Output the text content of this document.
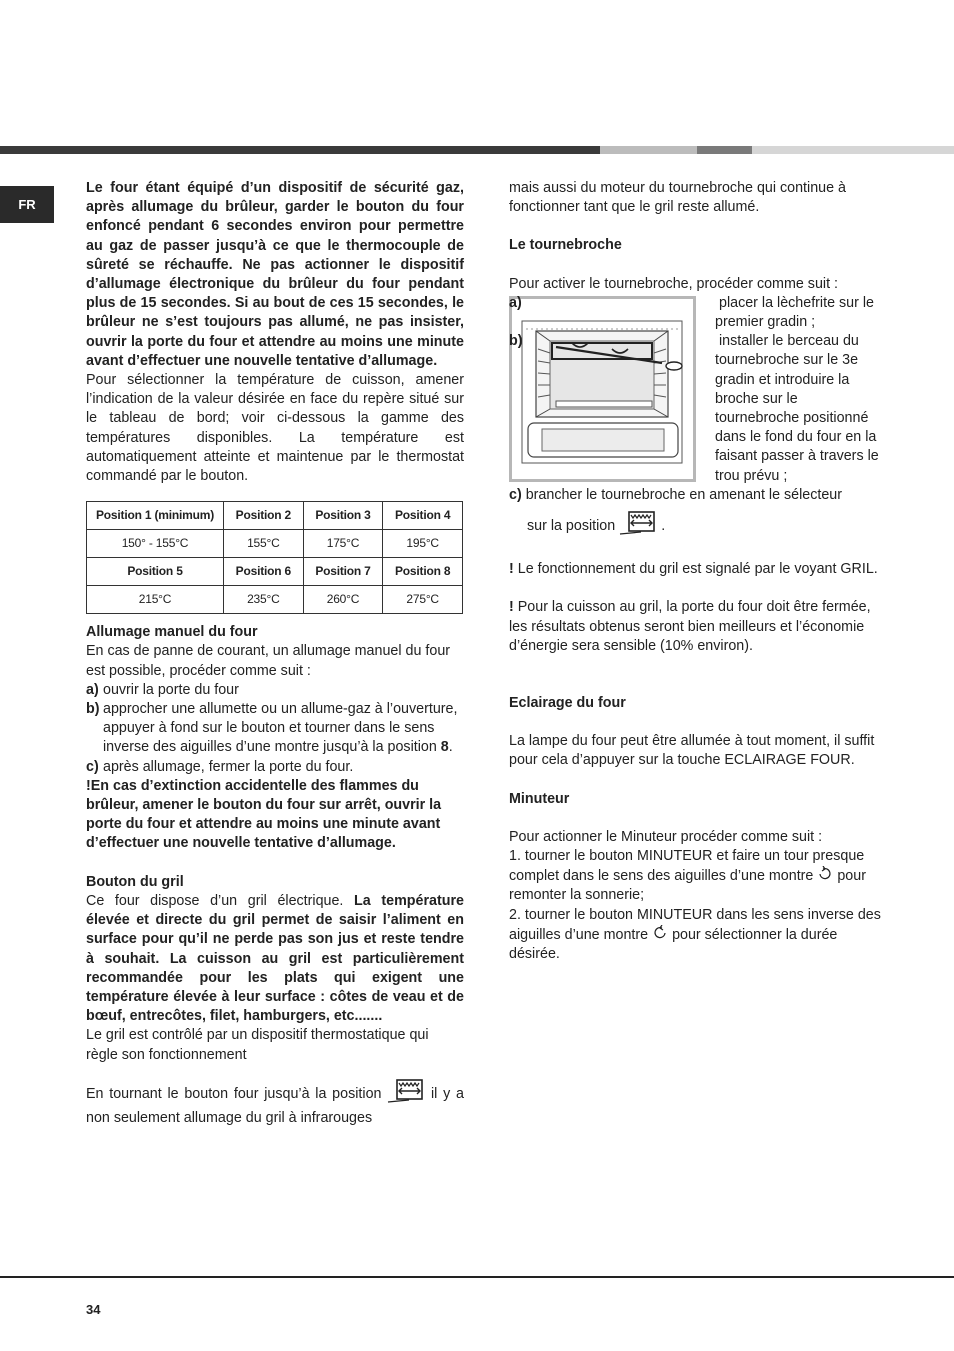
FR

Le four étant équipé d’un dispositif de sécurité gaz, après allumage du brûleur, garder le bouton du four enfoncé pendant 6 secondes environ pour permettre au gaz de passer jusqu’à ce que le thermocouple de sûreté se réchauffe. Ne pas actionner le dispositif d’allumage électronique du brûleur du four pendant plus de 15 secondes. Si au bout de ces 15 secondes, le brûleur ne s’est toujours pas allumé, ne pas insister, ouvrir la porte du four et attendre au moins une minute avant d’effectuer une nouvelle tentative d’allumage.

Pour sélectionner la température de cuisson, amener l’indication de la valeur désirée en face du repère situé sur le tableau de bord; voir ci-dessous la gamme des températures disponibles. La température est automatiquement atteinte et maintenue par le thermostat commandé par le bouton.

Position 1 (minimum)	Position 2	Position 3	Position 4
150° - 155°C	155°C	175°C	195°C
Position 5	Position 6	Position 7	Position 8
215°C	235°C	260°C	275°C

Allumage manuel du four

En cas de panne de courant, un allumage manuel du four est possible, procéder comme suit :

a) ouvrir la porte du four
b) approcher une allumette ou un allume-gaz à l’ouverture, appuyer à fond sur le bouton et tourner dans le sens inverse des aiguilles d’une montre jusqu’à la position 8.
c) après allumage, fermer la porte du four.

!En cas d’extinction accidentelle des flammes du brûleur, amener le bouton du four sur arrêt, ouvrir la porte du four et attendre au moins une minute avant d’effectuer une nouvelle tentative d’allumage.

Bouton du gril

Ce four dispose d’un gril électrique. La température élevée et directe du gril permet de saisir l’aliment en surface pour qu’il ne perde pas son jus et reste tendre à souhait. La cuisson au gril est particulièrement recommandée pour les plats qui exigent une température élevée à leur surface : côtes de veau et de bœuf, entrecôtes, filet, hamburgers, etc.......

Le gril est contrôlé par un dispositif thermostatique qui règle son fonctionnement

En tournant le bouton four jusqu’à la position	il y a non seulement allumage du gril à infrarouges

mais aussi du moteur du tournebroche qui continue à fonctionner tant que le gril reste allumé.

Le tournebroche

Pour activer le tournebroche, procéder comme suit :

a)	placer la lèchefrite sur le premier gradin ;
b)	installer le berceau du tournebroche sur le 3e gradin et introduire la broche sur le tournebroche positionné dans le fond du four en la faisant passer à travers le trou prévu ;

c) brancher le tournebroche en amenant le sélecteur

sur la position	.

! Le fonctionnement du gril est signalé par le voyant GRIL.

! Pour la cuisson au gril, la porte du four doit être fermée, les résultats obtenus seront bien meilleurs et l’économie d’énergie sera sensible (10% environ).

Eclairage du four

La lampe du four peut être allumée à tout moment, il suffit pour cela d’appuyer sur la touche ECLAIRAGE FOUR.

Minuteur

Pour actionner le Minuteur procéder comme suit :

1. tourner le bouton MINUTEUR et faire un tour presque complet dans le sens des aiguilles d’une montre pour remonter la sonnerie;

2. tourner le bouton MINUTEUR dans les sens inverse des aiguilles d’une montre pour sélectionner la durée désirée.

34
